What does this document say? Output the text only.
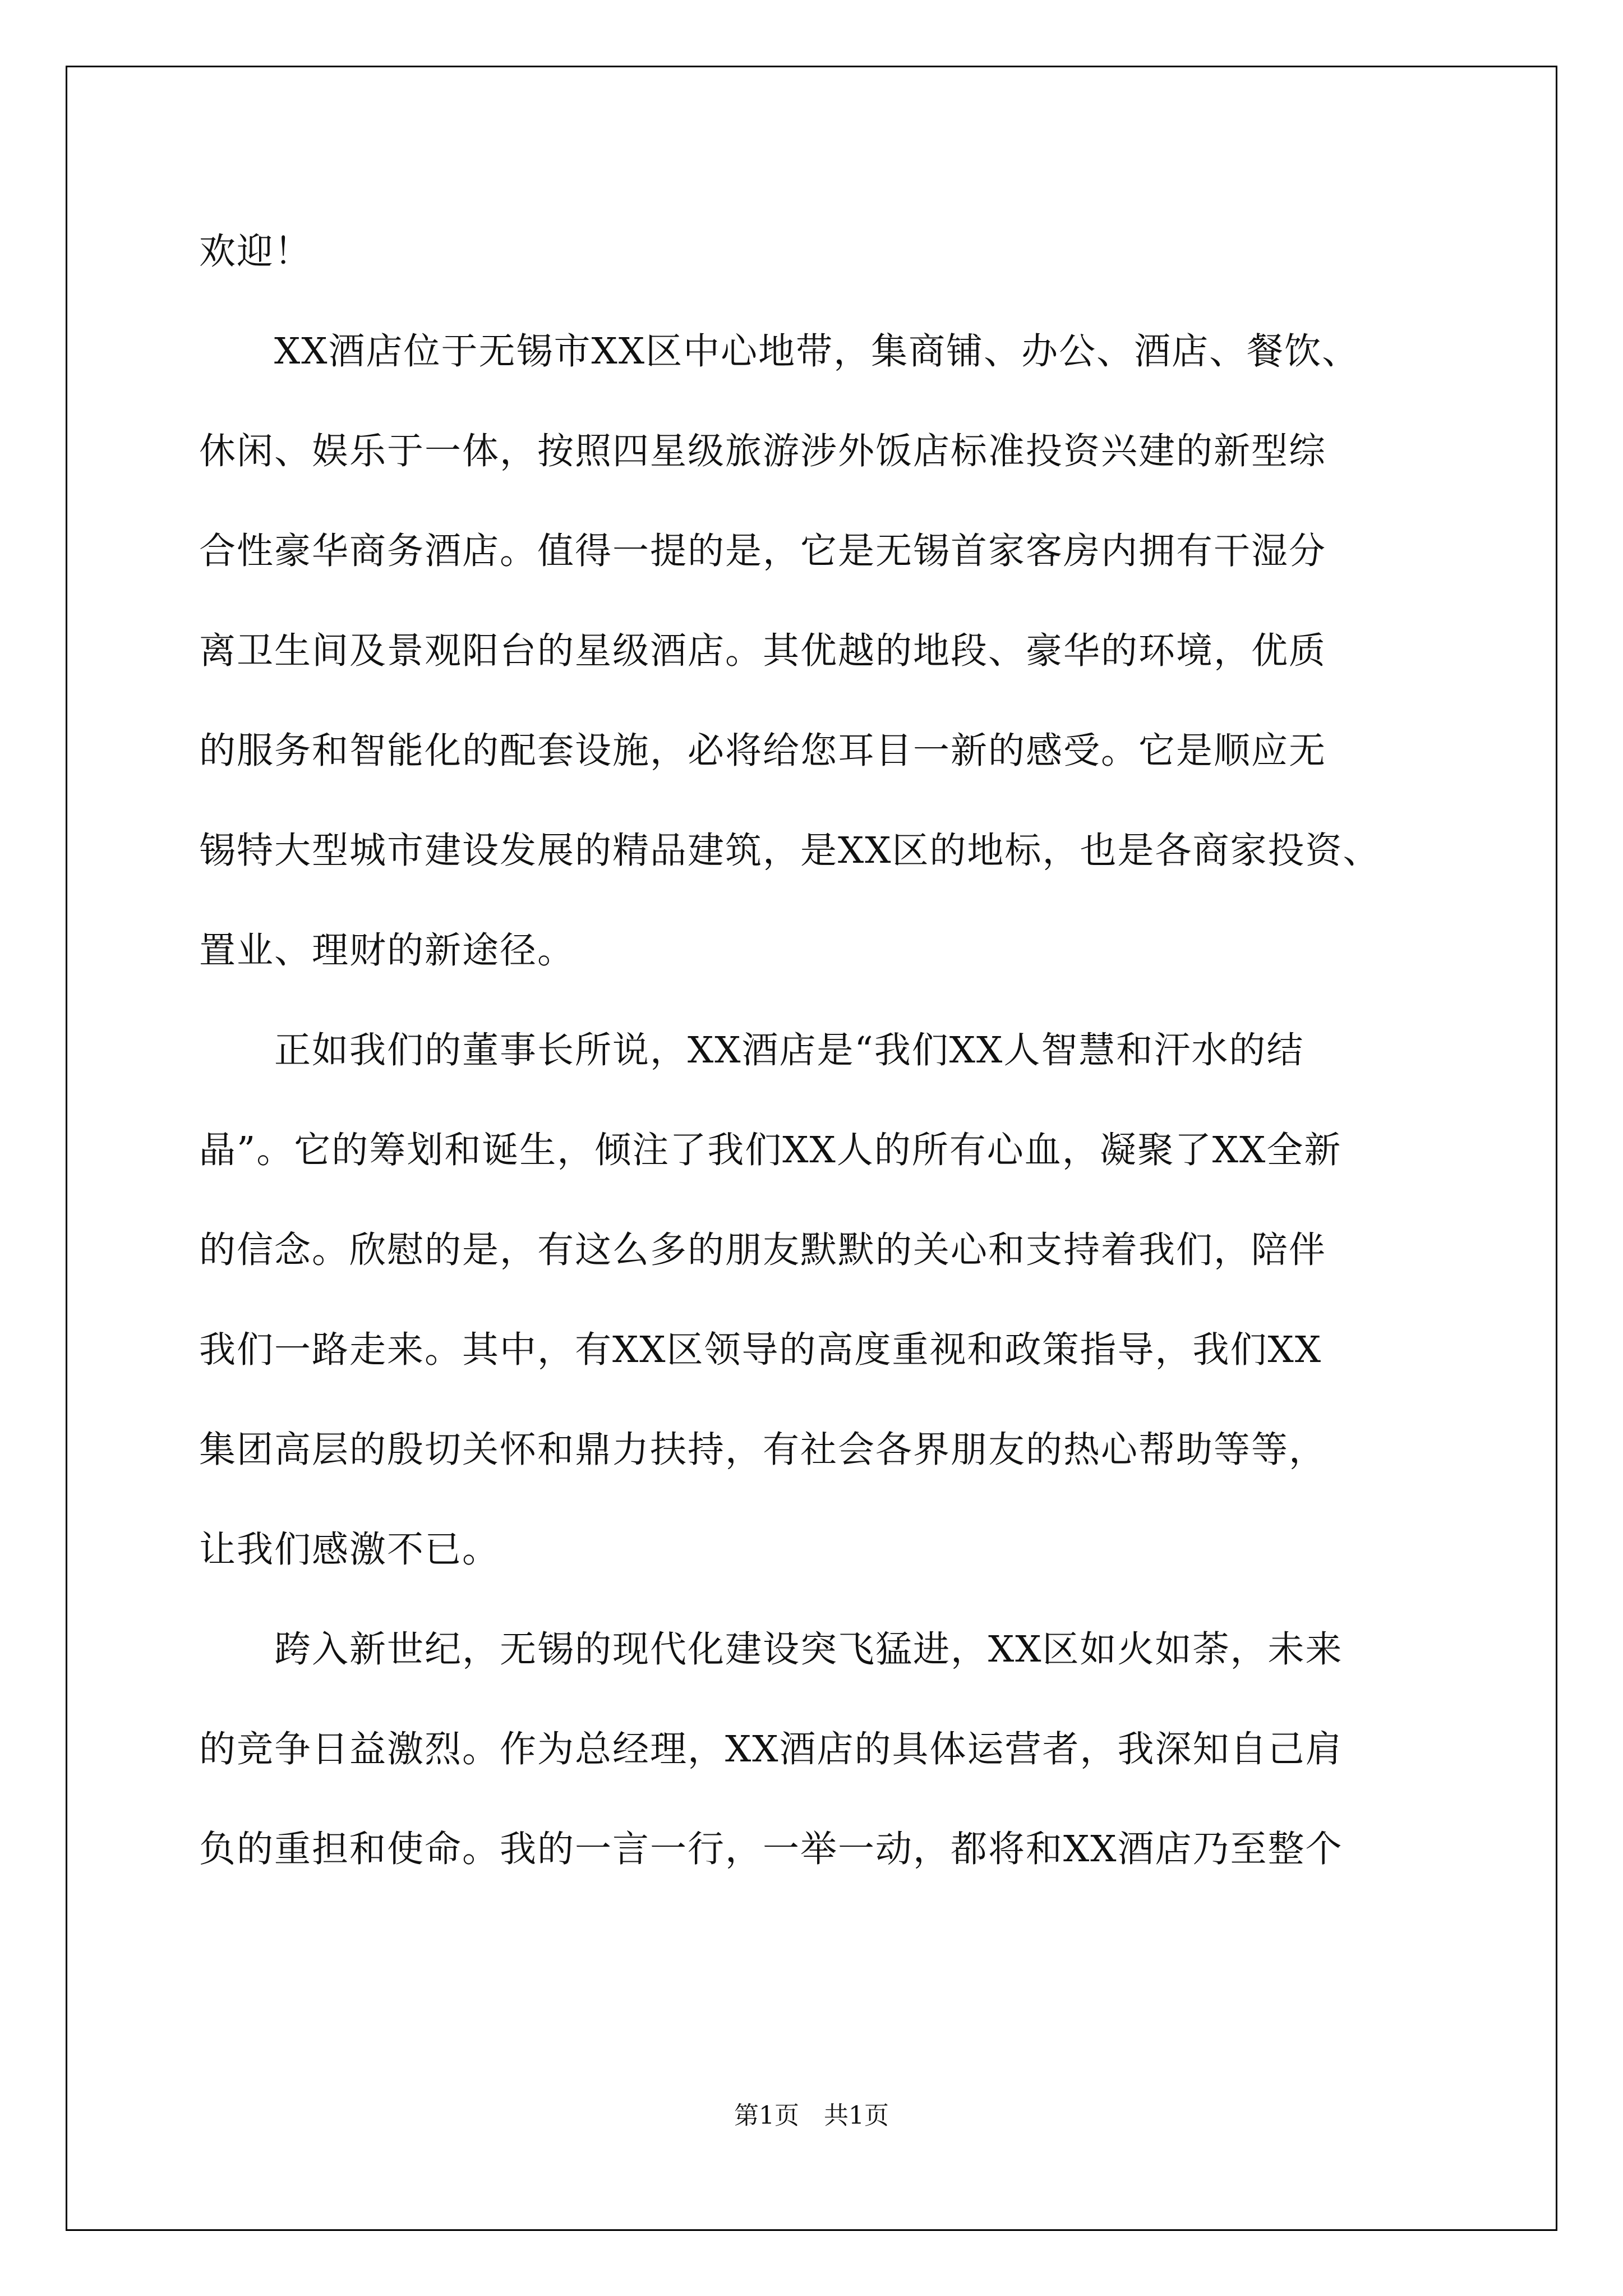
欢迎！
　　XX酒店位于无锡市XX区中心地带，集商铺、办公、酒店、餐饮、
休闲、娱乐于一体，按照四星级旅游涉外饭店标准投资兴建的新型综
合性豪华商务酒店。值得一提的是，它是无锡首家客房内拥有干湿分
离卫生间及景观阳台的星级酒店。其优越的地段、豪华的环境，优质
的服务和智能化的配套设施，必将给您耳目一新的感受。它是顺应无
锡特大型城市建设发展的精品建筑，是XX区的地标，也是各商家投资、
置业、理财的新途径。
　　正如我们的董事长所说，XX酒店是“我们XX人智慧和汗水的结
晶”。它的筹划和诞生，倾注了我们XX人的所有心血，凝聚了XX全新
的信念。欣慰的是，有这么多的朋友默默的关心和支持着我们，陪伴
我们一路走来。其中，有XX区领导的高度重视和政策指导，我们XX
集团高层的殷切关怀和鼎力扶持，有社会各界朋友的热心帮助等等，
让我们感激不已。
　　跨入新世纪，无锡的现代化建设突飞猛进，XX区如火如荼，未来
的竞争日益激烈。作为总经理，XX酒店的具体运营者，我深知自己肩
负的重担和使命。我的一言一行，一举一动，都将和XX酒店乃至整个
第1页　共1页
